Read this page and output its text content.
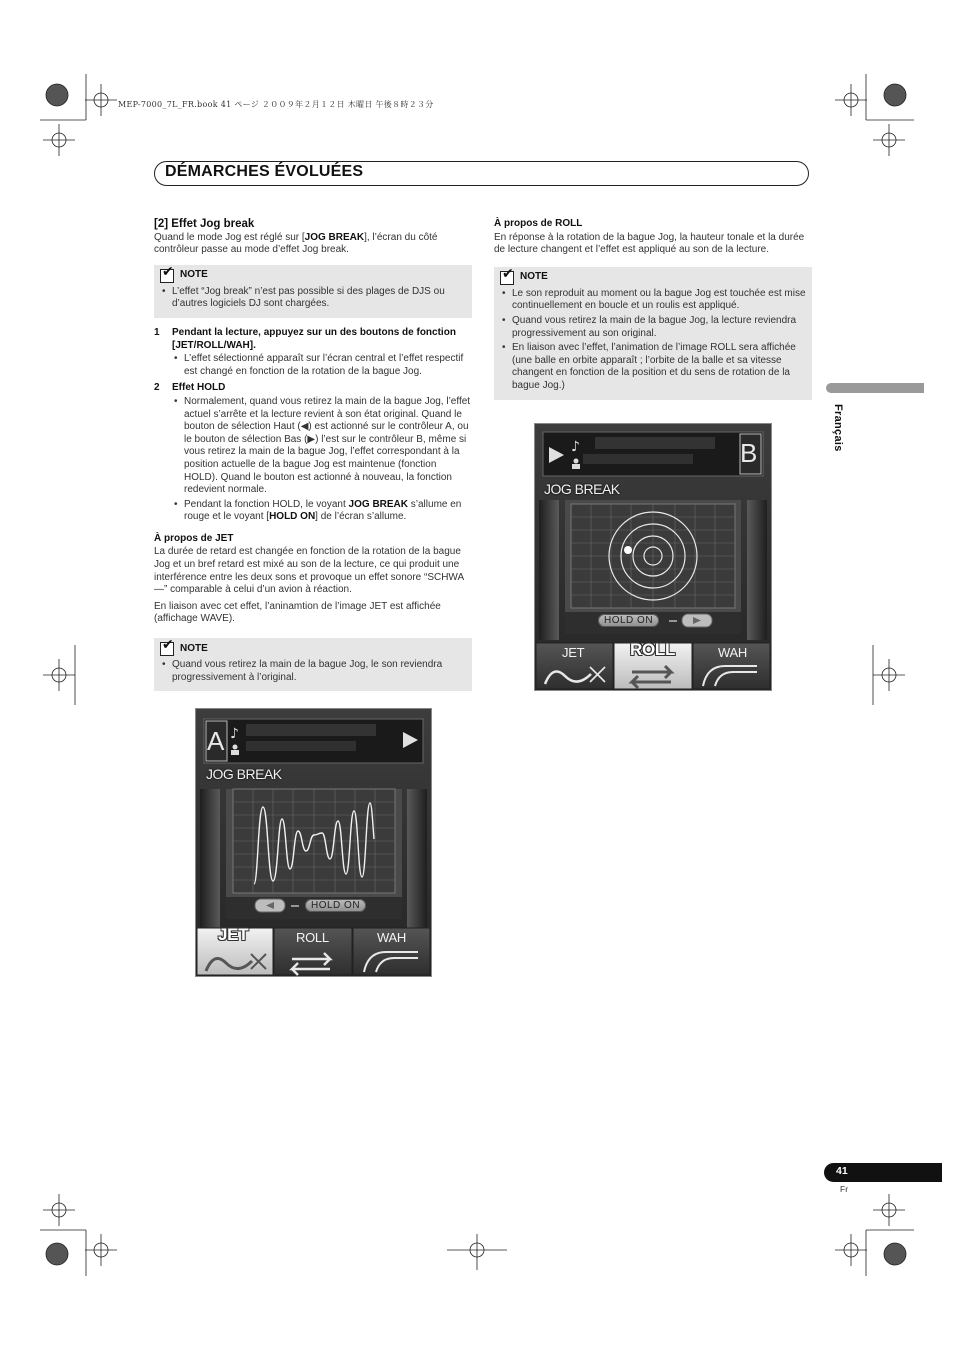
MEP-7000_7L_FR.book 41 ページ ２００９年２月１２日 木曜日 午後８時２３分
DÉMARCHES ÉVOLUÉES
[2] Effet Jog break

Quand le mode Jog est réglé sur [JOG BREAK], l’écran du côté contrôleur passe au mode d’effet Jog break.

✔
NOTE
• L’effet “Jog break” n’est pas possible si des plages de DJS ou d’autres logiciels DJ sont chargées.
1 Pendant la lecture, appuyez sur un des boutons de fonction [JET/ROLL/WAH].
• L’effet sélectionné apparaît sur l’écran central et l’effet respectif est changé en fonction de la rotation de la bague Jog.
2 Effet HOLD
• Normalement, quand vous retirez la main de la bague Jog, l’effet actuel s’arrête et la lecture revient à son état original. Quand le bouton de sélection Haut (◀) est actionné sur le contrôleur A, ou le bouton de sélection Bas (▶) l’est sur le contrôleur B, même si vous retirez la main de la bague Jog, l’effet correspondant à la position actuelle de la bague Jog est maintenue (fonction HOLD). Quand le bouton est actionné à nouveau, la fonction redevient normale.
• Pendant la fonction HOLD, le voyant JOG BREAK s’allume en rouge et le voyant [HOLD ON] de l’écran s’allume.
À propos de JET

La durée de retard est changée en fonction de la rotation de la bague Jog et un bref retard est mixé au son de la lecture, ce qui produit une interférence entre les deux sons et provoque un effet sonore “SCHWA—” comparable à celui d’un avion à réaction.

En liaison avec cet effet, l’aninamtion de l’image JET est affichée (affichage WAVE).

✔
NOTE
• Quand vous retirez la main de la bague Jog, le son reviendra progressivement à l’original.
À propos de ROLL

En réponse à la rotation de la bague Jog, la hauteur tonale et la durée de lecture changent et l’effet est appliqué au son de la lecture.

✔
NOTE
• Le son reproduit au moment ou la bague Jog est touchée est mise continuellement en boucle et un roulis est appliqué.
• Quand vous retirez la main de la bague Jog, la lecture reviendra progressivement au son original.
• En liaison avec l’effet, l’animation de l’image ROLL sera affichée (une balle en orbite apparaît ; l’orbite de la balle et sa vitesse changent en fonction de la position et du sens de rotation de la bague Jog.)
Français
41
Fr
♪	B
JOG BREAK
HOLD ON
JET	ROLL	WAH
♪
A
JOG BREAK
HOLD ON
JET	ROLL	WAH
